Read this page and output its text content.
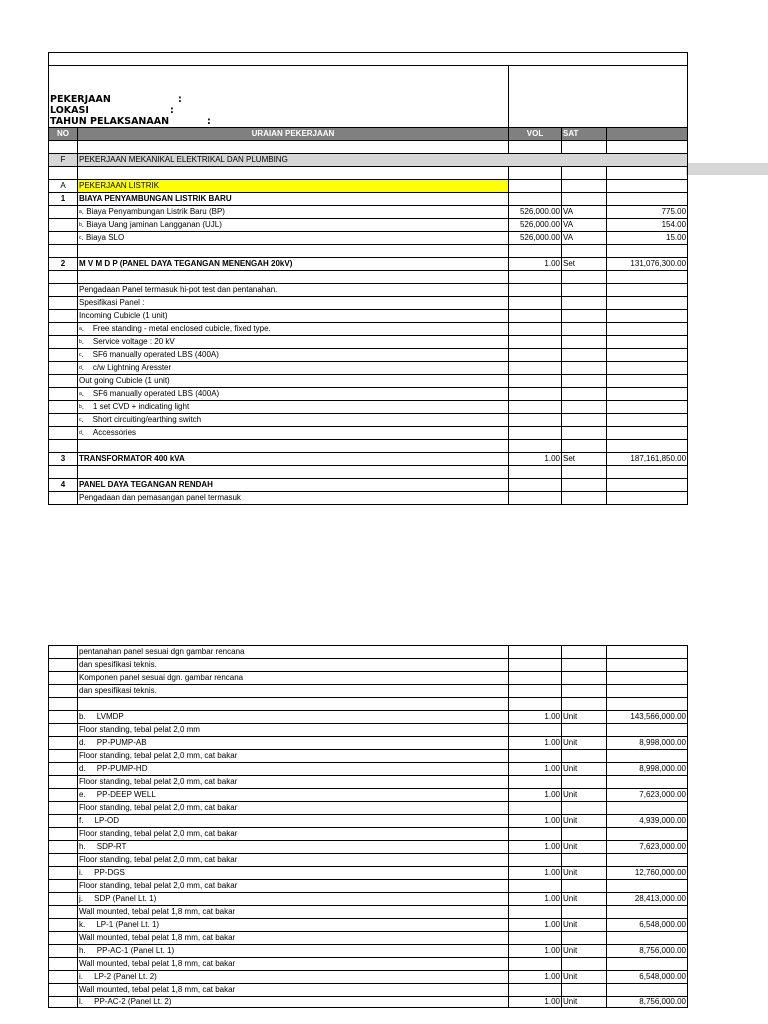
PEKERJAAN :
LOKASI :
TAHUN PELAKSANAAN :				

NO	URAIAN PEKERJAAN	VOL	SAT	

F	PEKERJAAN MEKANIKAL ELEKTRIKAL DAN PLUMBING			

A	PEKERJAAN LISTRIK			
1	BIAYA PENYAMBUNGAN LISTRIK BARU			
	a. Biaya Penyambungan Listrik Baru (BP)	526,000.00	VA	775.00
	b. Biaya Uang jaminan Langganan (UJL)	526,000.00	VA	154.00
	c. Biaya SLO	526,000.00	VA	15.00

2	M V M D P (PANEL DAYA TEGANGAN MENENGAH 20kV)	1.00	Set	131,076,300.00

	Pengadaan Panel termasuk hi-pot test dan pentanahan.			
	Spesifikasi Panel :			
	Incoming Cubicle (1 unit)			
	a.    Free standing - metal enclosed cubicle, fixed type.			
	b.    Service voltage : 20 kV			
	c.    SF6 manually operated LBS (400A)			
	d.    c/w Lightning Aresster			
	Out going Cubicle (1 unit)			
	a.    SF6 manually operated LBS (400A)			
	b.    1 set CVD + indicating light			
	c.    Short circuiting/earthing switch			
	d.    Accessories			

3	TRANSFORMATOR 400 kVA	1.00	Set	187,161,850.00

4	PANEL DAYA TEGANGAN RENDAH			
	Pengadaan dan pemasangan panel termasuk			
	pentanahan panel sesuai dgn gambar rencana			
	dan spesifikasi teknis.			
	Komponen panel sesuai dgn. gambar rencana			
	dan spesifikasi teknis.			

	b. LVMDP	1.00	Unit	143,566,000.00
	Floor standing, tebal pelat 2,0 mm			
	d. PP-PUMP-AB	1.00	Unit	8,998,000.00
	Floor standing, tebal pelat 2,0 mm, cat bakar			
	d. PP-PUMP-HD	1.00	Unit	8,998,000.00
	Floor standing, tebal pelat 2,0 mm, cat bakar			
	e. PP-DEEP WELL	1.00	Unit	7,623,000.00
	Floor standing, tebal pelat 2,0 mm, cat bakar			
	f. LP-OD	1.00	Unit	4,939,000.00
	Floor standing, tebal pelat 2,0 mm, cat bakar			
	h. SDP-RT	1.00	Unit	7,623,000.00
	Floor standing, tebal pelat 2,0 mm, cat bakar			
	i. PP-DGS	1.00	Unit	12,760,000.00
	Floor standing, tebal pelat 2,0 mm, cat bakar			
	j. SDP (Panel Lt. 1)	1.00	Unit	28,413,000.00
	Wall mounted, tebal pelat 1,8 mm, cat bakar			
	k. LP-1 (Panel Lt. 1)	1.00	Unit	6,548,000.00
	Wall mounted, tebal pelat 1,8 mm, cat bakar			
	h. PP-AC-1 (Panel Lt. 1)	1.00	Unit	8,756,000.00
	Wall mounted, tebal pelat 1,8 mm, cat bakar			
	i. LP-2 (Panel Lt. 2)	1.00	Unit	6,548,000.00
	Wall mounted, tebal pelat 1,8 mm, cat bakar			
	l. PP-AC-2 (Panel Lt. 2)	1.00	Unit	8,756,000.00
